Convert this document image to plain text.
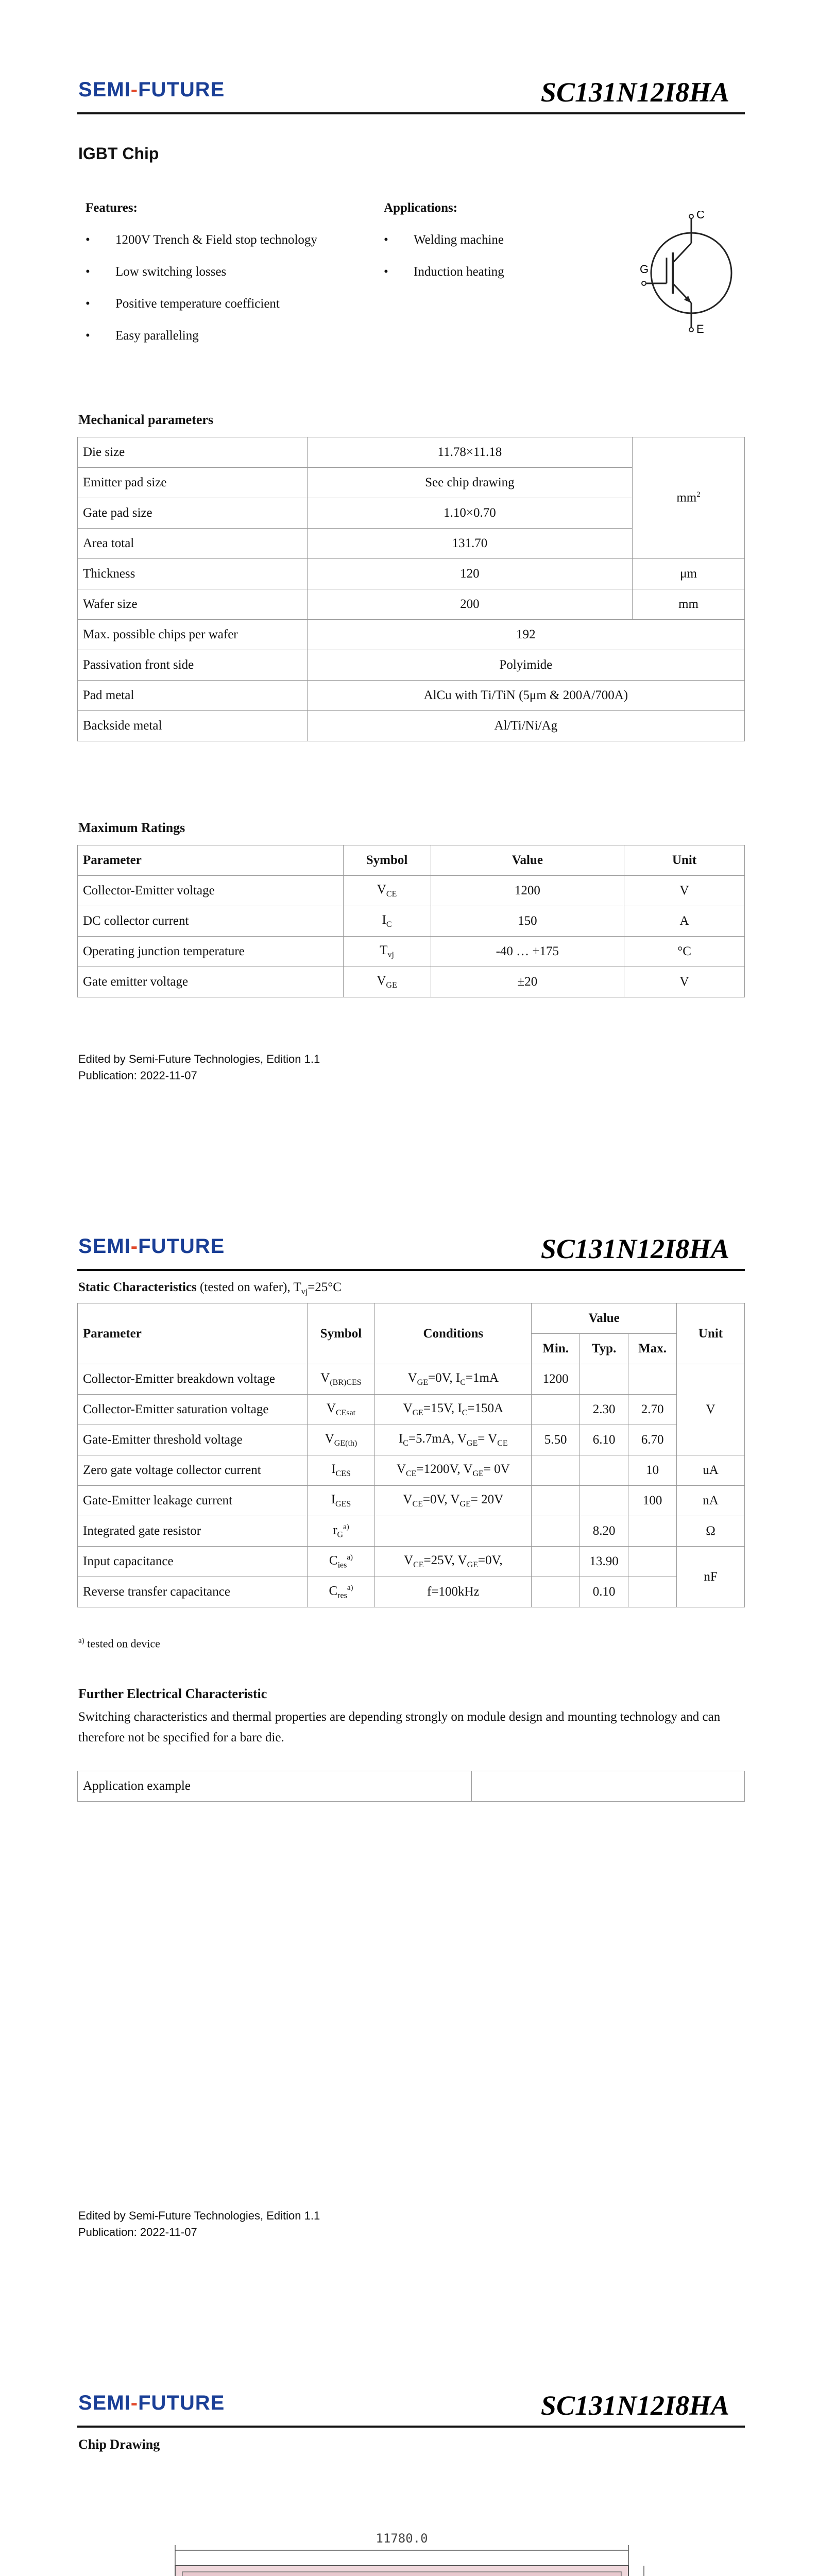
SEMI-FUTURE	SC131N12I8HA
IGBT Chip
Features:
• 1200V Trench & Field stop technology
• Low switching losses
• Positive temperature coefficient
• Easy paralleling
Applications:
• Welding machine
• Induction heating
C
G
E
Mechanical parameters
Die size	11.78×11.18	$mm^2$
Emitter pad size	See chip drawing	
Gate pad size	1.10×0.70	
Area total	131.70	
Thickness	120	μm
Wafer size	200	mm
Max. possible chips per wafer	192	
Passivation front side	Polyimide	
Pad metal	AlCu with Ti/TiN (5μm & 200A/700A)	
Backside metal	Al/Ti/Ni/Ag	
Maximum Ratings
Parameter	Symbol	Value	Unit
Collector-Emitter voltage	$V_{CE}$	1200	V
DC collector current	$I_C$	150	A
Operating junction temperature	$T_{vj}$	-40 … +175	°C
Gate emitter voltage	$V_{GE}$	±20	V
Edited by Semi-Future Technologies, Edition 1.1
Publication: 2022-11-07
SEMI-FUTURE	SC131N12I8HA
Static Characteristics (tested on wafer), $T_{vj}=25^\circ C$
Parameter	Symbol	Conditions	Value			Unit
			Min.	Typ.	Max.	
Collector-Emitter breakdown voltage	$V_{(BR)CES}$	$V_{GE}=0V$, $I_C=1mA$	1200			V
Collector-Emitter saturation voltage	$V_{CEsat}$	$V_{GE}=15V$, $I_C=150A$		2.30	2.70	
Gate-Emitter threshold voltage	$V_{GE(th)}$	$I_C=5.7mA$, $V_{GE}= V_{CE}$	5.50	6.10	6.70	
Zero gate voltage collector current	$I_{CES}$	$V_{CE}=1200V$, $V_{GE}= 0V$			10	uA
Gate-Emitter leakage current	$I_{GES}$	$V_{CE}=0V$, $V_{GE}= 20V$			100	nA
Integrated gate resistor	$r_G^{a)}$			8.20		Ω
Input capacitance	$C_{ies}^{a)}$	$V_{CE}=25V$, $V_{GE}=0V$,		13.90		nF
Reverse transfer capacitance	$C_{res}^{a)}$	f=100kHz		0.10		
$^{a)}$ tested on device
Further Electrical Characteristic
Switching characteristics and thermal properties are depending strongly on module design and mounting technology and can therefore not be specified for a bare die.
Application example	
Edited by Semi-Future Technologies, Edition 1.1
Publication: 2022-11-07
SEMI-FUTURE	SC131N12I8HA
Chip Drawing
11780.0
